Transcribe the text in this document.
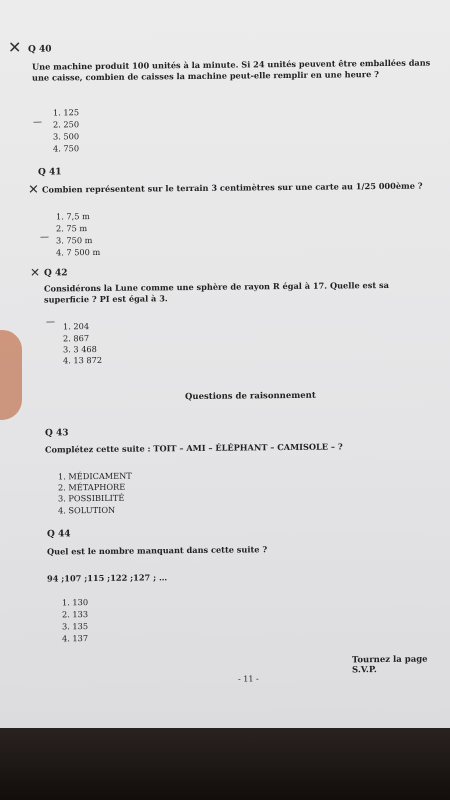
✕ Q 40
Une machine produit 100 unités à la minute. Si 24 unités peuvent être emballées dans une caisse, combien de caisses la machine peut-elle remplir en une heure ?
—
1. 125
2. 250
3. 500
4. 750
Q 41
✕ Combien représentent sur le terrain 3 centimètres sur une carte au 1/25 000ème ?
1. 7,5 m
2. 75 m
— 3. 750 m
4. 7 500 m
✕ Q 42
Considérons la Lune comme une sphère de rayon R égal à 17. Quelle est sa superficie ? PI est égal à 3.
— 1. 204
2. 867
3. 3 468
4. 13 872
Questions de raisonnement
Q 43
Complétez cette suite : TOIT – AMI – ÉLÉPHANT – CAMISOLE – ?
1. MÉDICAMENT
2. MÉTAPHORE
3. POSSIBILITÉ
4. SOLUTION
Q 44
Quel est le nombre manquant dans cette suite ?
94 ;107 ;115 ;122 ;127 ; …
1. 130
2. 133
3. 135
4. 137
Tournez la page S.V.P.
- 11 -
